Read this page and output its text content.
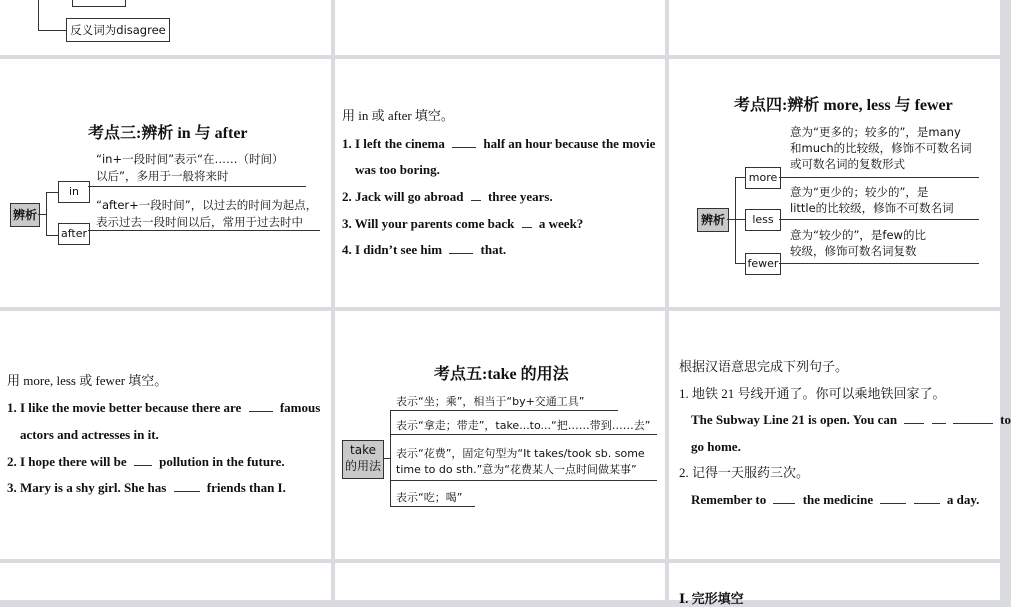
反义词为disagree
考点三:辨析 in 与 after
辨析
in
after
“in+一段时间”表示“在……（时间）
以后”，多用于一般将来时
“after+一段时间”，以过去的时间为起点，
表示过去一段时间以后，常用于过去时中
用 in 或 after 填空。
1. I left the cinema	half an hour because the movie
was too boring.
2. Jack will go abroad three years.
3. Will your parents come back a week?
4. I didn’t see him	that.
考点四:辨析 more, less 与 fewer
辨析
more
less
fewer
意为“更多的；较多的”，是many
和much的比较级，修饰不可数名词
或可数名词的复数形式
意为“更少的；较少的”，是
little的比较级，修饰不可数名词
意为“较少的”，是few的比
较级，修饰可数名词复数
用 more, less 或 fewer 填空。
1. I like the movie better because there are	famous
actors and actresses in it.
2. I hope there will be	pollution in the future.
3. Mary is a shy girl. She has	friends than I.
考点五:take 的用法
take
的用法
表示“坐；乘”，相当于“by+交通工具”
表示“拿走；带走”，take...to...“把……带到……去”
表示“花费”，固定句型为“It takes/took sb. some
time to do sth.”意为“花费某人一点时间做某事”
表示“吃；喝”
根据汉语意思完成下列句子。
1. 地铁 21 号线开通了。你可以乘地铁回家了。
The Subway Line 21 is open. You can	to
go home.
2. 记得一天服药三次。
Remember to	the medicine	a day.
Ⅰ. 完形填空
